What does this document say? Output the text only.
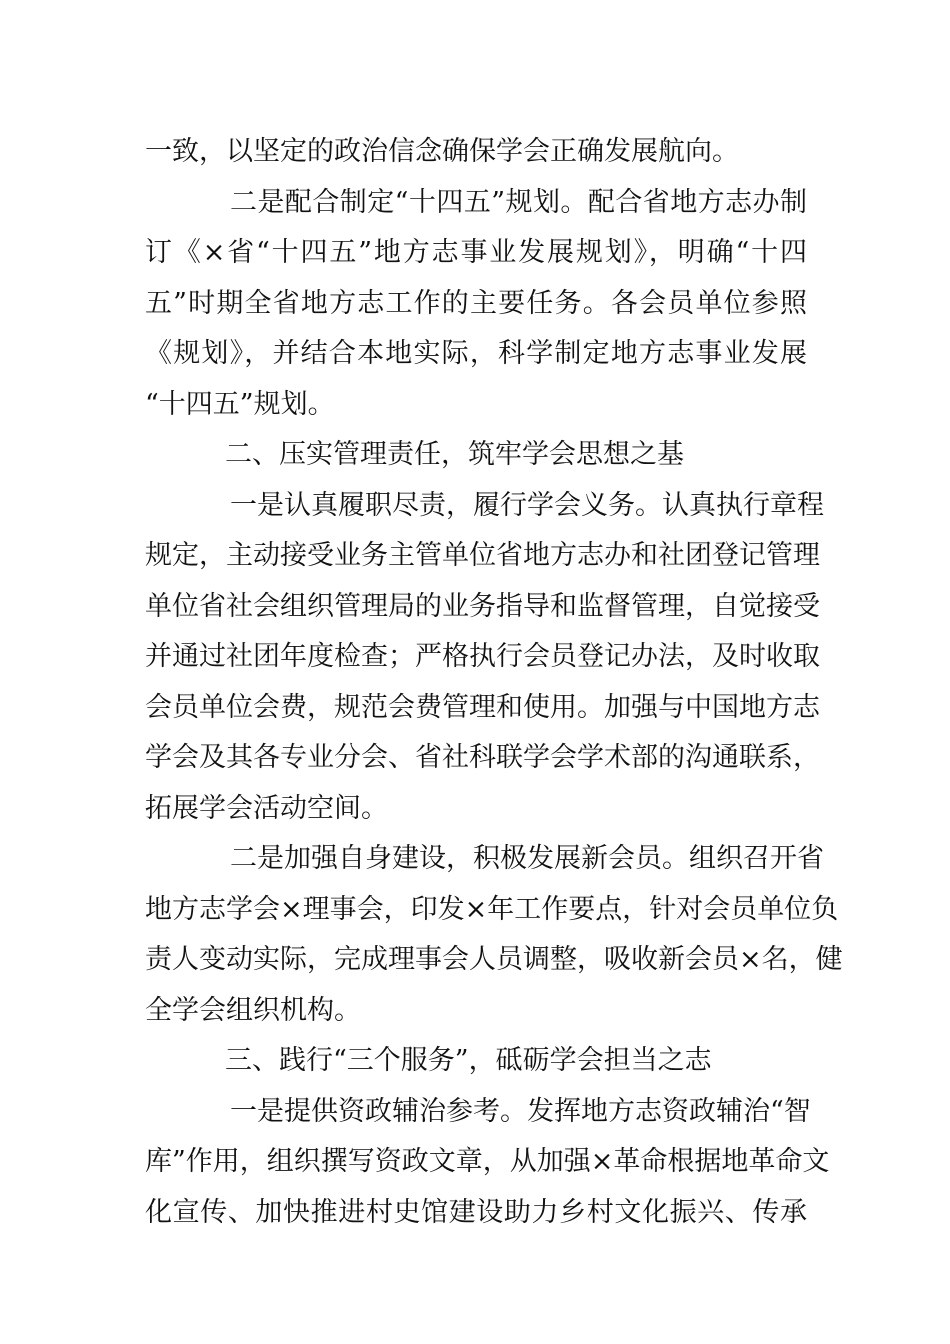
一致，以坚定的政治信念确保学会正确发展航向。
二是配合制定“十四五”规划。配合省地方志办制
订《×省“十四五”地方志事业发展规划》，明确“十四
五”时期全省地方志工作的主要任务。各会员单位参照
《规划》，并结合本地实际，科学制定地方志事业发展
“十四五”规划。
二、压实管理责任，筑牢学会思想之基
一是认真履职尽责，履行学会义务。认真执行章程
规定，主动接受业务主管单位省地方志办和社团登记管理
单位省社会组织管理局的业务指导和监督管理，自觉接受
并通过社团年度检查；严格执行会员登记办法，及时收取
会员单位会费，规范会费管理和使用。加强与中国地方志
学会及其各专业分会、省社科联学会学术部的沟通联系，
拓展学会活动空间。
二是加强自身建设，积极发展新会员。组织召开省
地方志学会×理事会，印发×年工作要点，针对会员单位负
责人变动实际，完成理事会人员调整，吸收新会员×名，健
全学会组织机构。
三、践行“三个服务”，砥砺学会担当之志
一是提供资政辅治参考。发挥地方志资政辅治“智
库”作用，组织撰写资政文章，从加强×革命根据地革命文
化宣传、加快推进村史馆建设助力乡村文化振兴、传承
